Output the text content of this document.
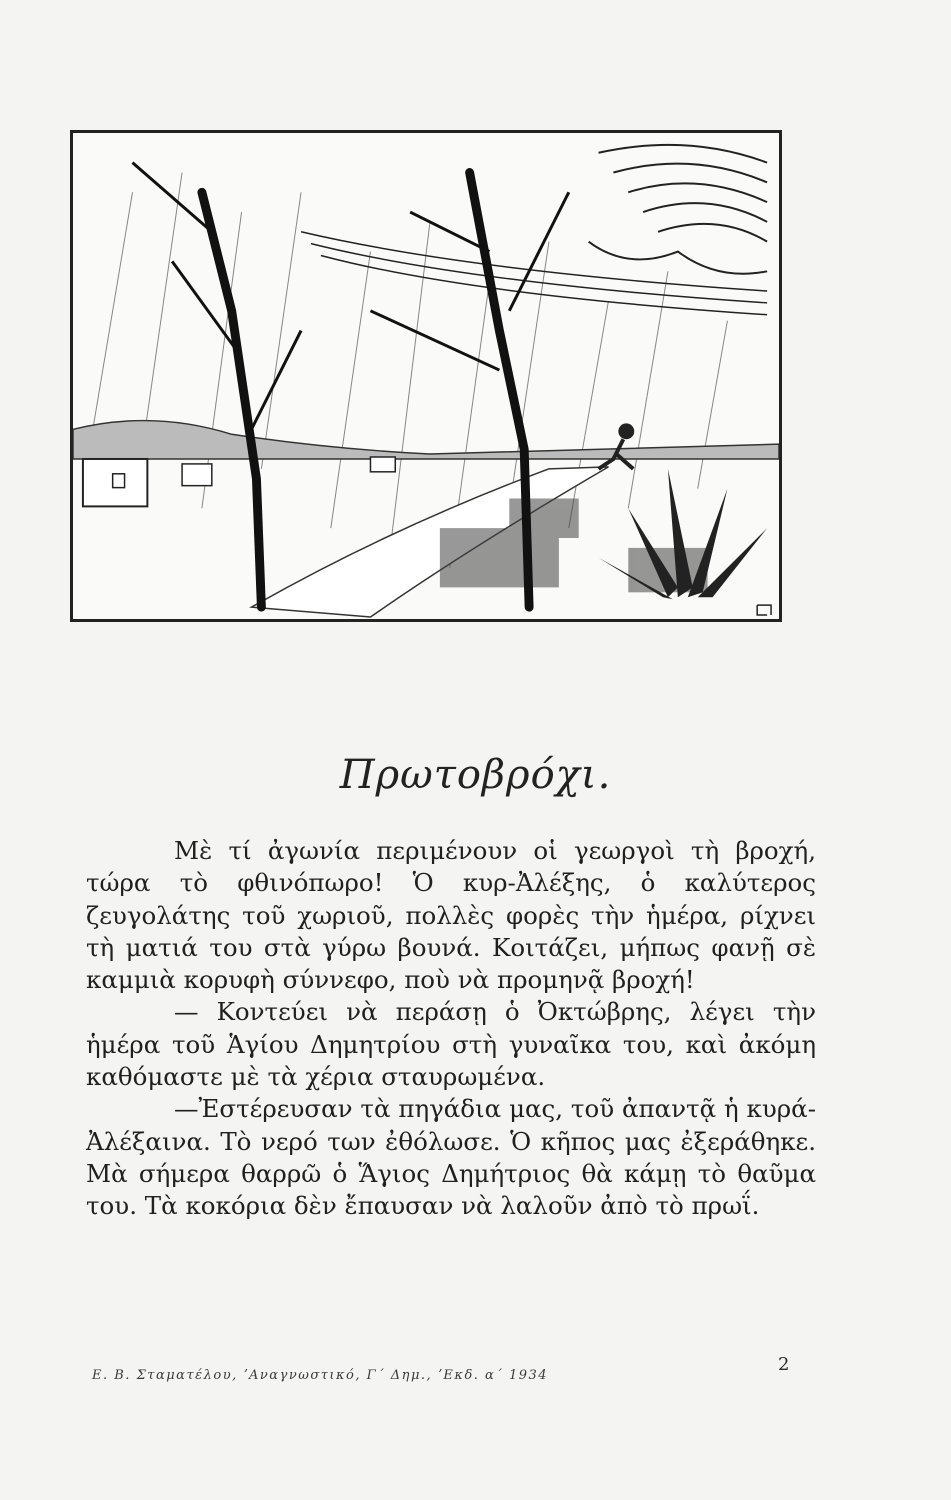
Πρωτοβρόχι.

Μὲ τί ἀγωνία περιμένουν οἱ γεωργοὶ τὴ βροχή, τώρα τὸ φθινόπωρο! Ὁ κυρ-Ἀλέξης, ὁ καλύτερος ζευγολάτης τοῦ χωριοῦ, πολλὲς φορὲς τὴν ἡμέρα, ρίχνει τὴ ματιά του στὰ γύρω βουνά. Κοιτάζει, μήπως φανῇ σὲ καμμιὰ κορυφὴ σύννεφο, ποὺ νὰ προμηνᾷ βροχή!

— Κοντεύει νὰ περάσῃ ὁ Ὀκτώβρης, λέγει τὴν ἡμέρα τοῦ Ἁγίου Δημητρίου στὴ γυναῖκα του, καὶ ἀκόμη καθόμαστε μὲ τὰ χέρια σταυρωμένα.

—Ἐστέρευσαν τὰ πηγάδια μας, τοῦ ἀπαντᾷ ἡ κυρά-Ἀλέξαινα. Τὸ νερό των ἐθόλωσε. Ὁ κῆπος μας ἐξεράθηκε. Μὰ σήμερα θαρρῶ ὁ Ἅγιος Δημήτριος θὰ κάμῃ τὸ θαῦμα του. Τὰ κοκόρια δὲν ἔπαυσαν νὰ λαλοῦν ἀπὸ τὸ πρωΐ.

Ε. Β. Σταματέλου, ʼΑναγνωστικό, Γ΄ Δημ., ʼΕκδ. α΄ 1934
2
